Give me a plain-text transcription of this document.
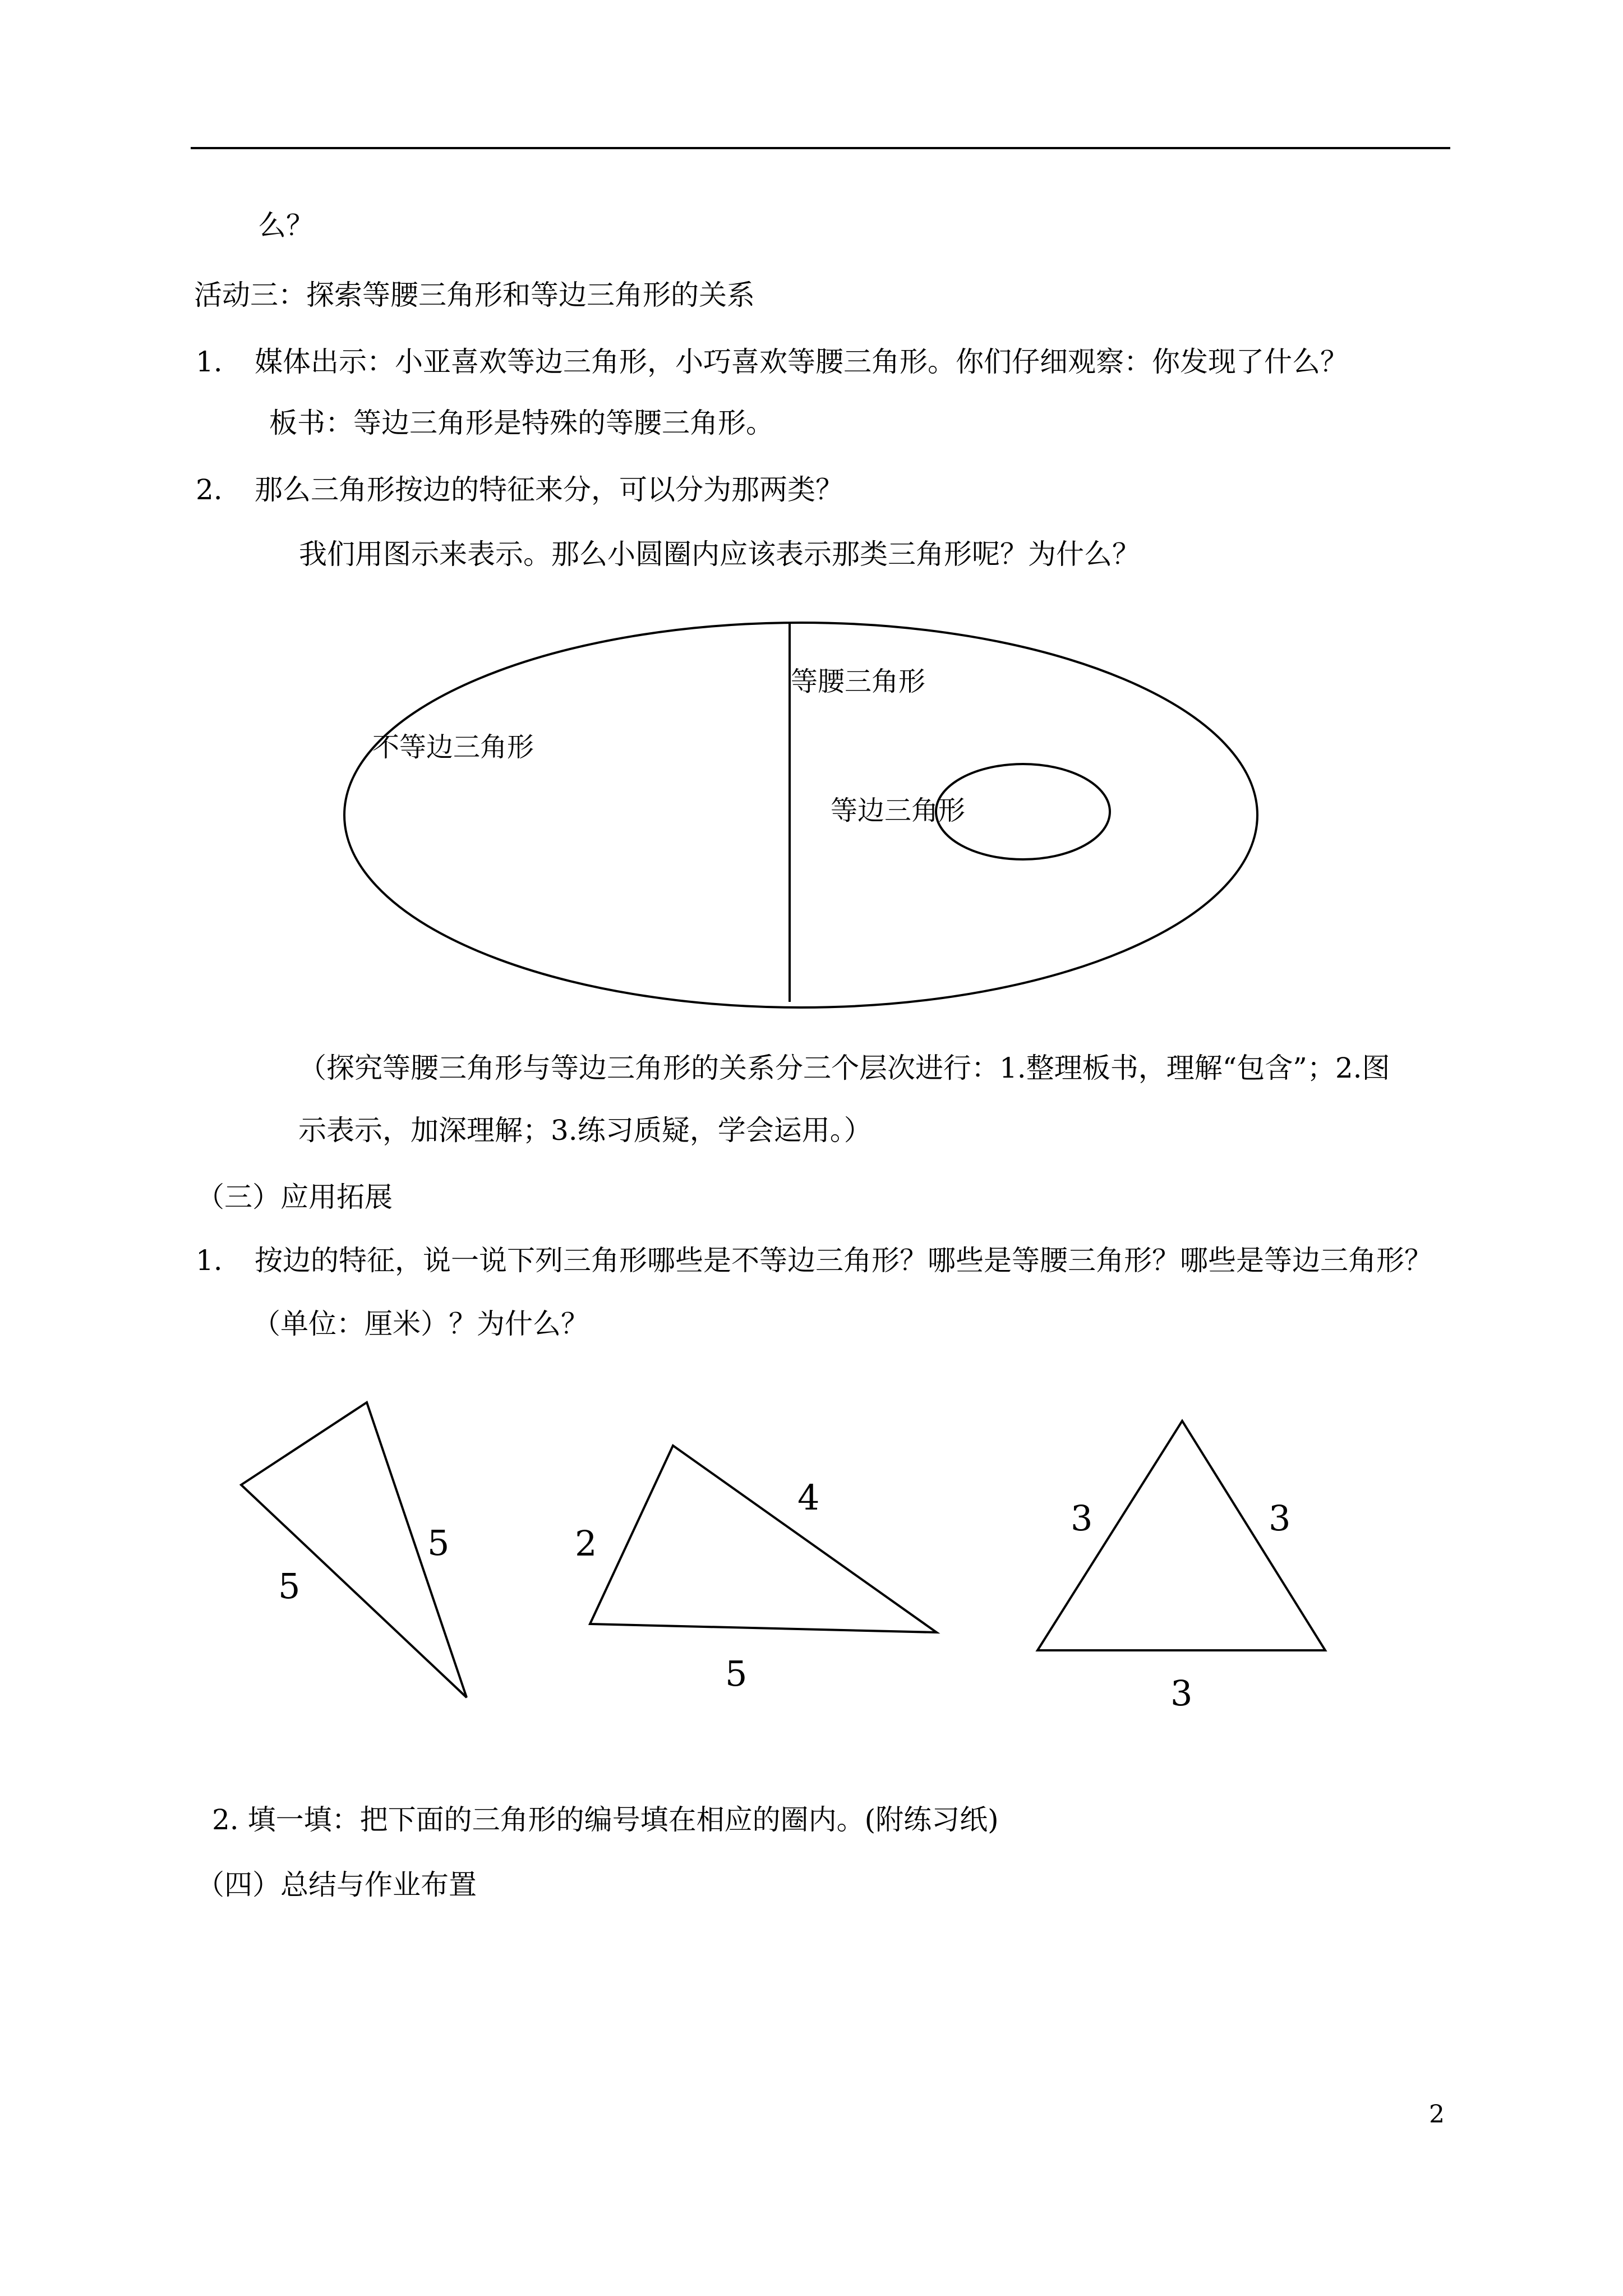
么？
活动三：探索等腰三角形和等边三角形的关系
1. 媒体出示：小亚喜欢等边三角形，小巧喜欢等腰三角形。你们仔细观察：你发现了什么？
板书：等边三角形是特殊的等腰三角形。
2. 那么三角形按边的特征来分，可以分为那两类？
我们用图示来表示。那么小圆圈内应该表示那类三角形呢？为什么？
不等边三角形
等腰三角形
等边三角形
（探究等腰三角形与等边三角形的关系分三个层次进行：1.整理板书，理解“包含”；2.图
示表示，加深理解；3.练习质疑，学会运用。）
（三）应用拓展
1. 按边的特征，说一说下列三角形哪些是不等边三角形？哪些是等腰三角形？哪些是等边三角形？
（单位：厘米）？为什么？
5
5
2
4
5
3	3
3
2. 填一填：把下面的三角形的编号填在相应的圈内。(附练习纸)
（四）总结与作业布置
2
